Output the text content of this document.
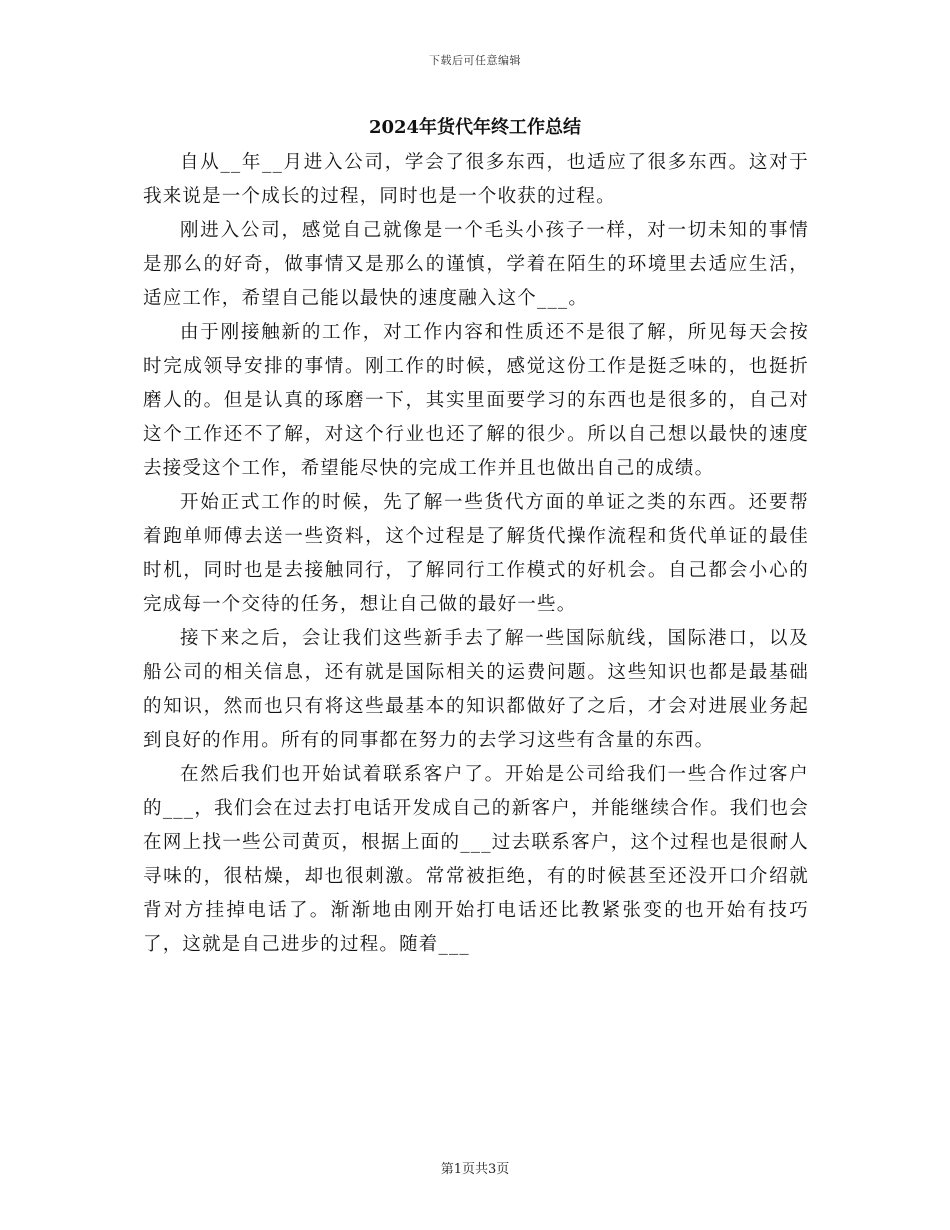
下载后可任意编辑
2024年货代年终工作总结

自从__年__月进入公司，学会了很多东西，也适应了很多东西。这对于我来说是一个成长的过程，同时也是一个收获的过程。

刚进入公司，感觉自己就像是一个毛头小孩子一样，对一切未知的事情是那么的好奇，做事情又是那么的谨慎，学着在陌生的环境里去适应生活，适应工作，希望自己能以最快的速度融入这个___。

由于刚接触新的工作，对工作内容和性质还不是很了解，所见每天会按时完成领导安排的事情。刚工作的时候，感觉这份工作是挺乏味的，也挺折磨人的。但是认真的琢磨一下，其实里面要学习的东西也是很多的，自己对这个工作还不了解，对这个行业也还了解的很少。所以自己想以最快的速度去接受这个工作，希望能尽快的完成工作并且也做出自己的成绩。

开始正式工作的时候，先了解一些货代方面的单证之类的东西。还要帮着跑单师傅去送一些资料，这个过程是了解货代操作流程和货代单证的最佳时机，同时也是去接触同行，了解同行工作模式的好机会。自己都会小心的完成每一个交待的任务，想让自己做的最好一些。

接下来之后，会让我们这些新手去了解一些国际航线，国际港口，以及船公司的相关信息，还有就是国际相关的运费问题。这些知识也都是最基础的知识，然而也只有将这些最基本的知识都做好了之后，才会对进展业务起到良好的作用。所有的同事都在努力的去学习这些有含量的东西。

在然后我们也开始试着联系客户了。开始是公司给我们一些合作过客户的___，我们会在过去打电话开发成自己的新客户，并能继续合作。我们也会在网上找一些公司黄页，根据上面的___过去联系客户，这个过程也是很耐人寻味的，很枯燥，却也很刺激。常常被拒绝，有的时候甚至还没开口介绍就背对方挂掉电话了。渐渐地由刚开始打电话还比教紧张变的也开始有技巧了，这就是自己进步的过程。随着___

第1页共3页
